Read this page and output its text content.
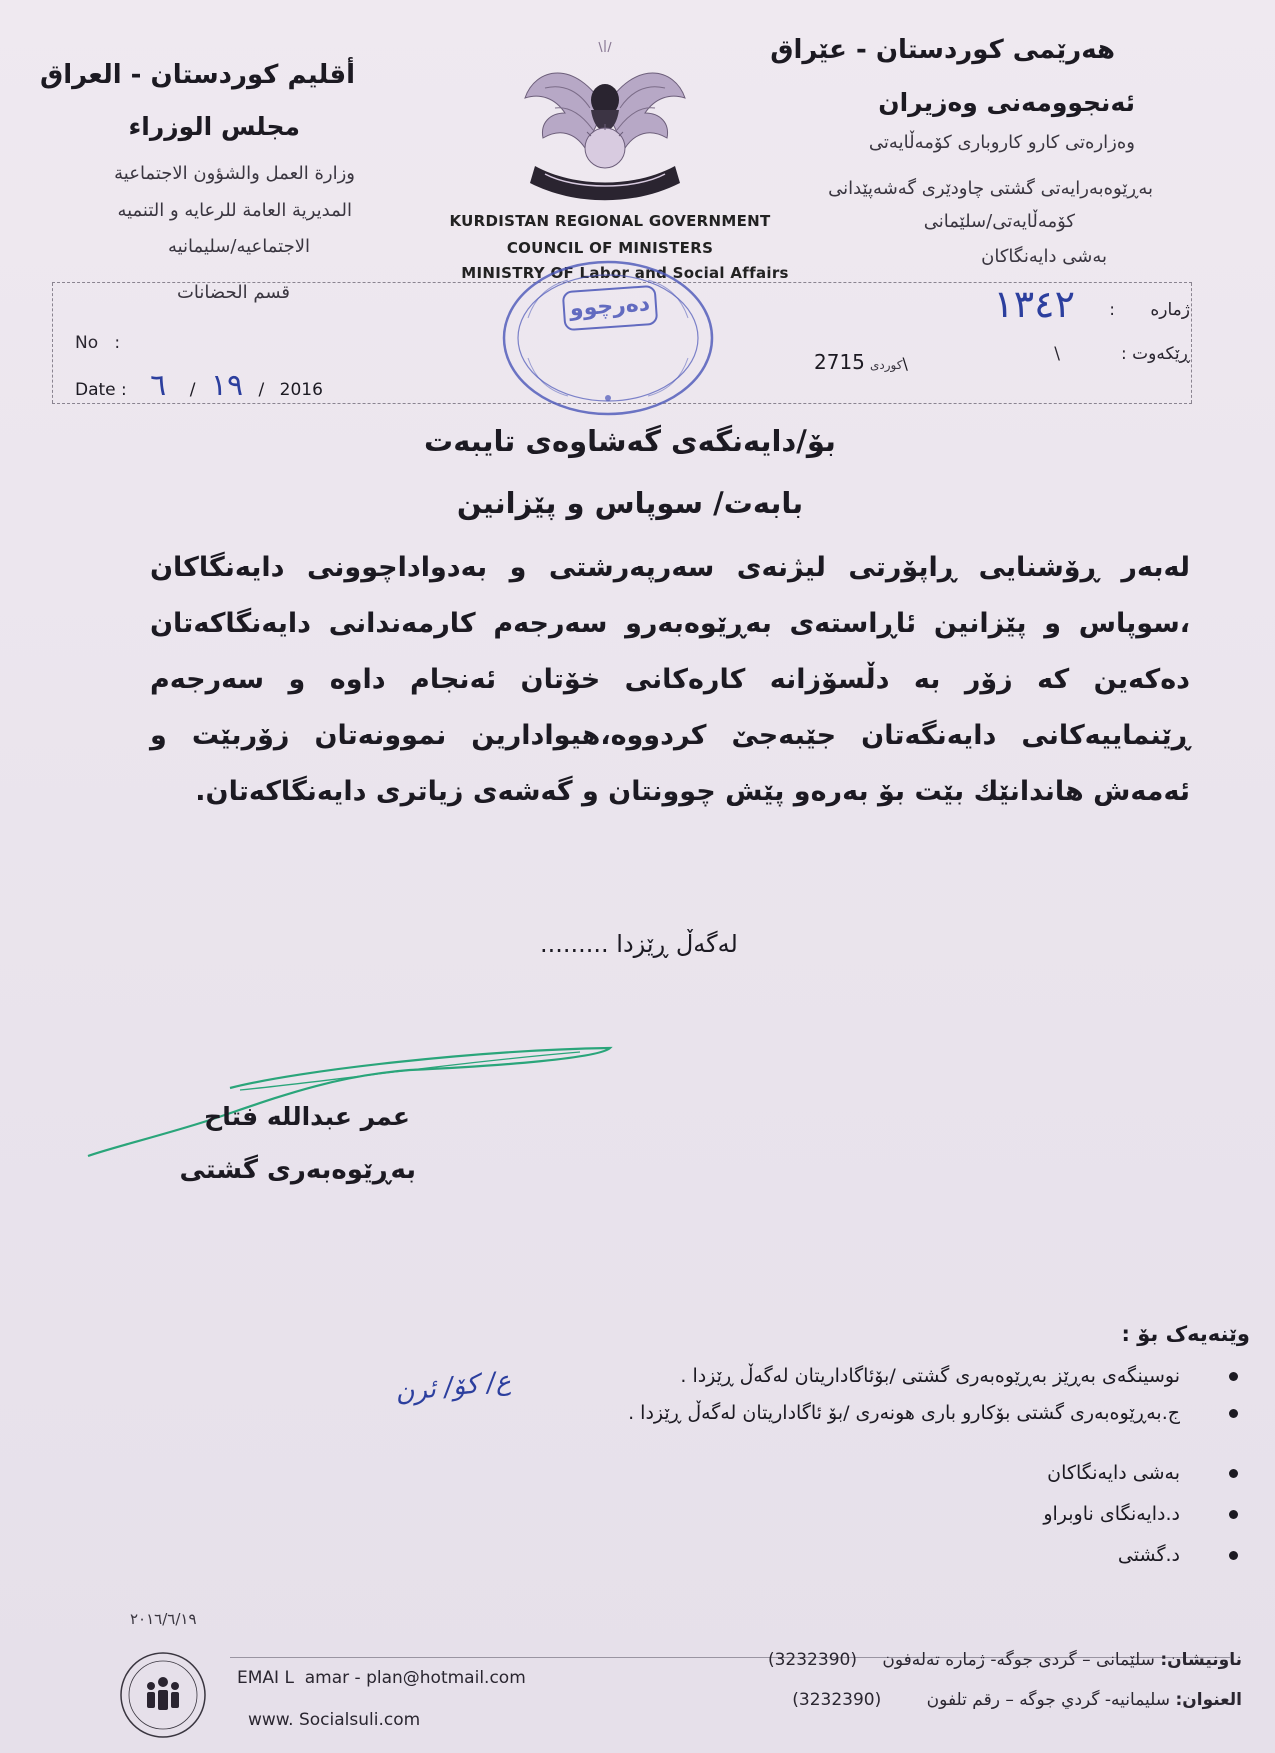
هەرێمی کوردستان - عێراق
ئەنجوومەنی وەزیران
وەزارەتی کارو کاروباری کۆمەڵایەتی
بەڕێوەبەرایەتی گشتی چاودێری گەشەپێدانی
کۆمەڵایەتی/سلێمانی
بەشی دایەنگاکان
أقليم كوردستان - العراق
مجلس الوزراء
وزارة العمل والشؤون الاجتماعية
المديرية العامة للرعايه و التنميه
الاجتماعيه/سليمانيه
قسم الحضانات
KURDISTAN REGIONAL GOVERNMENT
COUNCIL OF MINISTERS
MINISTRY OF Labor and Social Affairs
No :
Date :	١٩ / ٦	/ 2016
ژمارە
:
١٣٤٢
ڕێکەوت :
\
کوردی 2715 \
دەرچوو
بۆ/دایەنگەی گەشاوەی تایبەت
بابەت/ سوپاس و پێزانین
لەبەر ڕۆشنایی ڕاپۆرتی لیژنەی سەرپەرشتی و بەدواداچوونی دایەنگاکان ،سوپاس و پێزانین ئاڕاستەی بەڕێوەبەرو سەرجەم کارمەندانی دایەنگاکەتان دەکەین کە زۆر بە دڵسۆزانە کارەکانی خۆتان ئەنجام داوە و سەرجەم ڕێنماییەکانی دایەنگەتان جێبەجێ کردووە،هیوادارین نموونەتان زۆربێت و ئەمەش هاندانێك بێت بۆ بەرەو پێش چوونتان و گەشەی زیاتری دایەنگاکەتان.
لەگەڵ ڕێزدا .........
عمر عبدالله فتاح
بەڕێوەبەری گشتی
وێنەیەک بۆ :
نوسینگەی بەڕێز بەڕێوەبەری گشتی /بۆئاگاداریتان لەگەڵ ڕێزدا .
ج.بەڕێوەبەری گشتی بۆکارو باری هونەری /بۆ ئاگاداریتان لەگەڵ ڕێزدا .
بەشی دایەنگاکان
د.دایەنگای ناوبراو
د.گشتی
ع/ کۆ/ ئرن
٢٠١٦/٦/١٩
EMAI L amar - plan@hotmail.com
www. Socialsuli.com
ناونیشان: سلێمانی – گردی جوگە- ژمارە تەلەفون (3232390)
العنوان: سليمانيه- گردي جوگه – رقم تلفون (3232390)
